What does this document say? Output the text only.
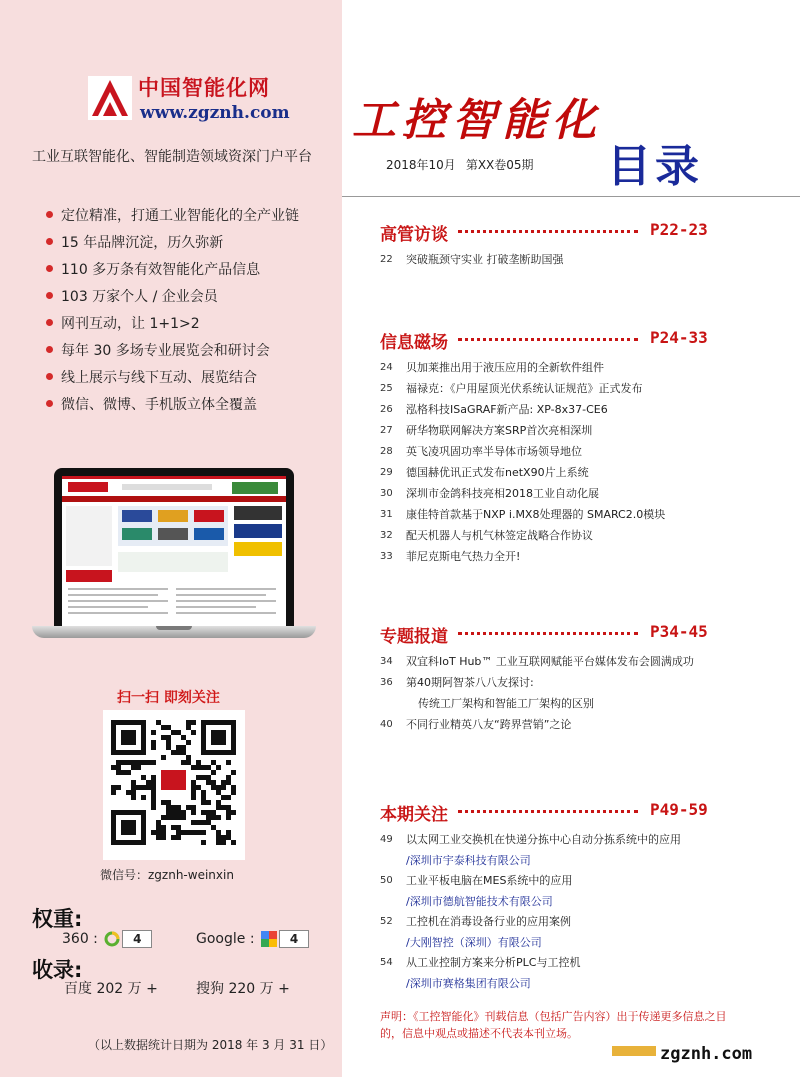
中国智能化网
www.zgznh.com
工业互联智能化、智能制造领域资深门户平台
定位精准，打通工业智能化的全产业链
15 年品牌沉淀，历久弥新
110 多万条有效智能化产品信息
103 万家个人 / 企业会员
网刊互动，让 1+1>2
每年 30 多场专业展览会和研讨会
线上展示与线下互动、展览结合
微信、微博、手机版立体全覆盖
扫一扫 即刻关注
微信号：zgznh-weinxin
权重:
360 :	4	Google :	4
收录:
百度 202 万 +	搜狗 220 万 +
（以上数据统计日期为 2018 年 3 月 31 日）
工控智能化
2018年10月 第XX卷05期 目录
高管访谈	P22-23
22	突破瓶颈守实业 打破垄断助国强
信息磁场	P24-33
24	贝加莱推出用于液压应用的全新软件组件
25	福禄克：《户用屋顶光伏系统认证规范》正式发布
26	泓格科技ISaGRAF新产品: XP-8x37-CE6
27	研华物联网解决方案SRP首次亮相深圳
28	英飞凌巩固功率半导体市场领导地位
29	德国赫优讯正式发布netX90片上系统
30	深圳市金鸽科技亮相2018工业自动化展
31	康佳特首款基于NXP i.MX8处理器的 SMARC2.0模块
32	配天机器人与机气林签定战略合作协议
33	菲尼克斯电气热力全开!
专题报道	P34-45
34	双宜科IoT Hub™ 工业互联网赋能平台媒体发布会圆满成功
36	第40期阿智茶八八友探讨:
传统工厂架构和智能工厂架构的区别
40	不同行业精英八友“跨界营销”之论
本期关注	P49-59
49	以太网工业交换机在快递分拣中心自动分拣系统中的应用
/深圳市宇泰科技有限公司
50	工业平板电脑在MES系统中的应用
/深圳市德航智能技术有限公司
52	工控机在消毒设备行业的应用案例
/大刚智控（深圳）有限公司
54	从工业控制方案来分析PLC与工控机
/深圳市赛格集团有限公司
声明：《工控智能化》刊载信息（包括广告内容）出于传递更多信息之目的，信息中观点或描述不代表本刊立场。
zgznh.com
